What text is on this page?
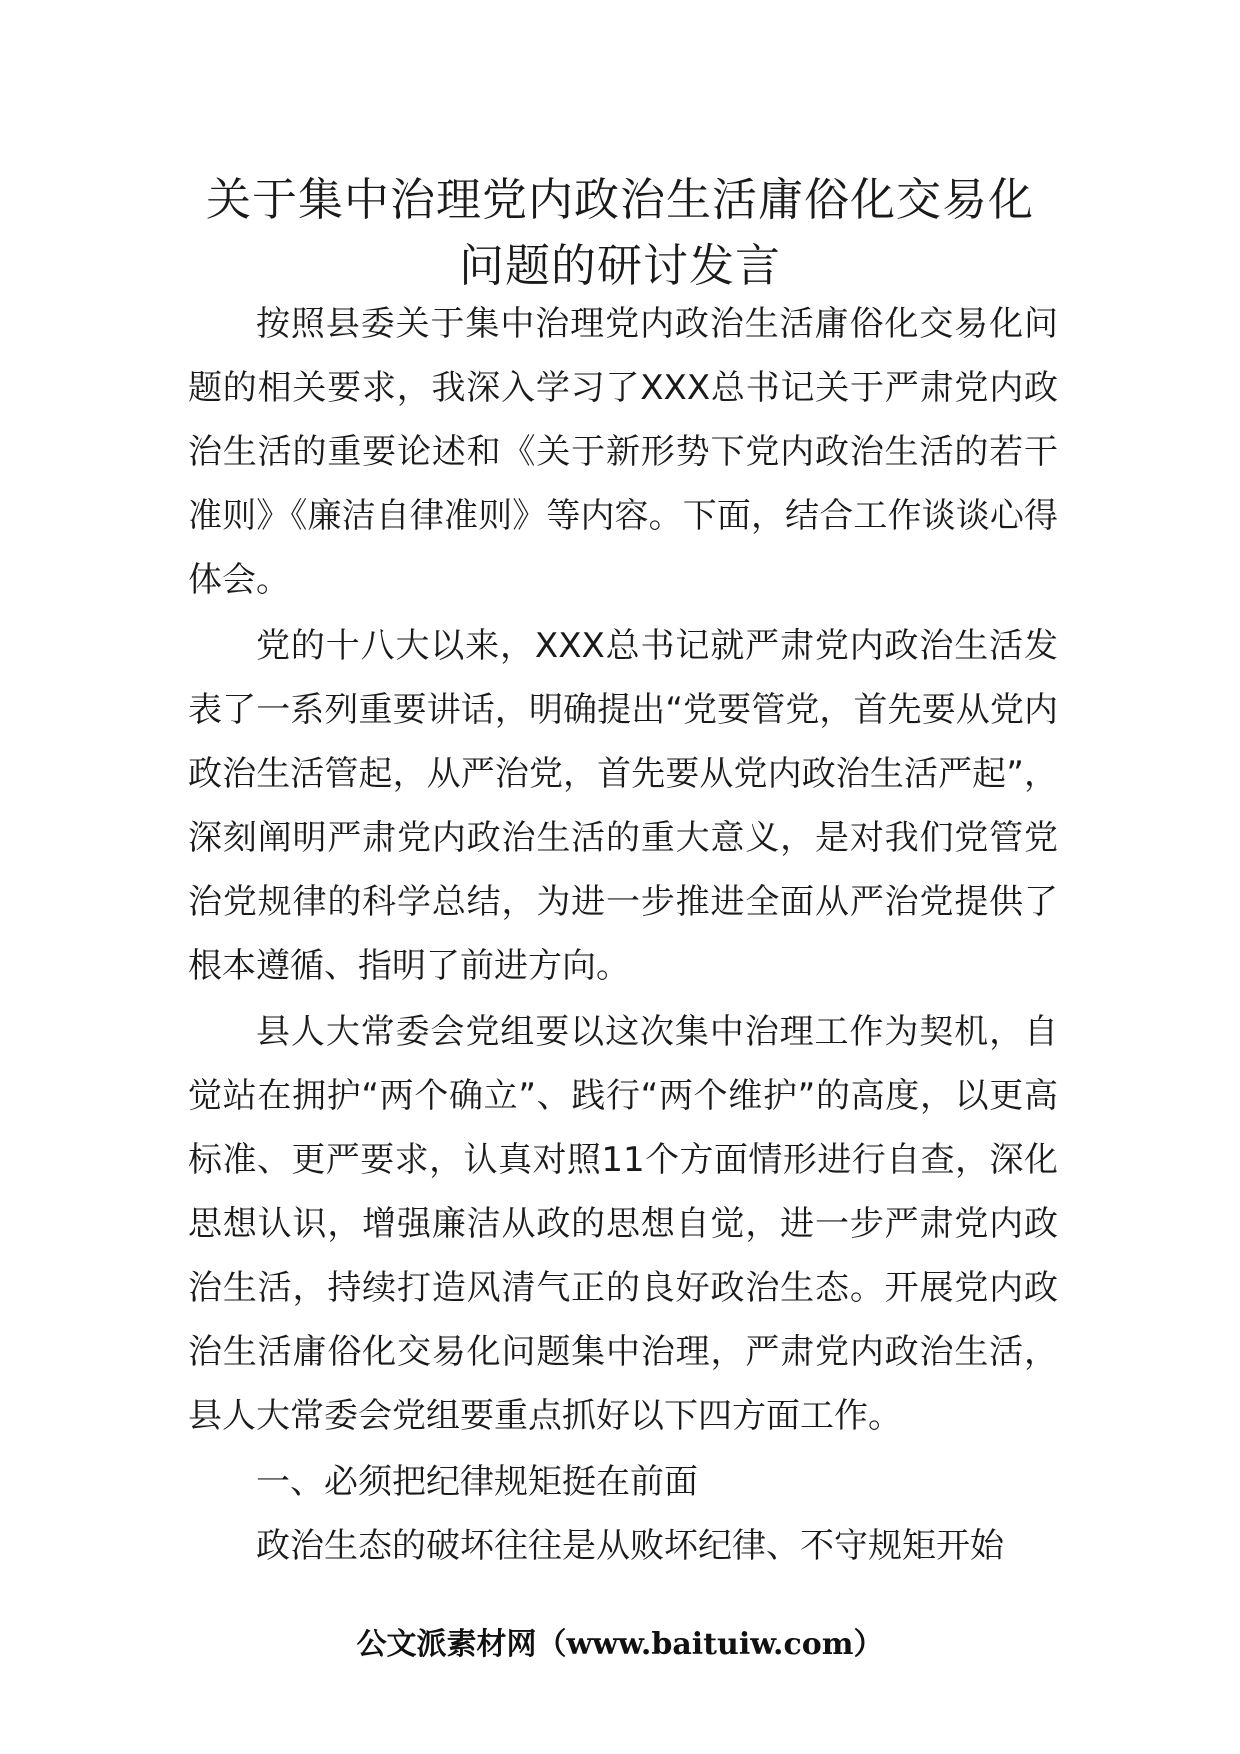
关于集中治理党内政治生活庸俗化交易化
问题的研讨发言

按照县委关于集中治理党内政治生活庸俗化交易化问题的相关要求，我深入学习了XXX总书记关于严肃党内政治生活的重要论述和《关于新形势下党内政治生活的若干准则》《廉洁自律准则》等内容。下面，结合工作谈谈心得体会。

党的十八大以来，XXX总书记就严肃党内政治生活发表了一系列重要讲话，明确提出“党要管党，首先要从党内政治生活管起，从严治党，首先要从党内政治生活严起”，深刻阐明严肃党内政治生活的重大意义，是对我们党管党治党规律的科学总结，为进一步推进全面从严治党提供了根本遵循、指明了前进方向。

县人大常委会党组要以这次集中治理工作为契机，自觉站在拥护“两个确立”、践行“两个维护”的高度，以更高标准、更严要求，认真对照11个方面情形进行自查，深化思想认识，增强廉洁从政的思想自觉，进一步严肃党内政治生活，持续打造风清气正的良好政治生态。开展党内政治生活庸俗化交易化问题集中治理，严肃党内政治生活，县人大常委会党组要重点抓好以下四方面工作。

一、必须把纪律规矩挺在前面

政治生态的破坏往往是从败坏纪律、不守规矩开始

公文派素材网（www.baituiw.com）
